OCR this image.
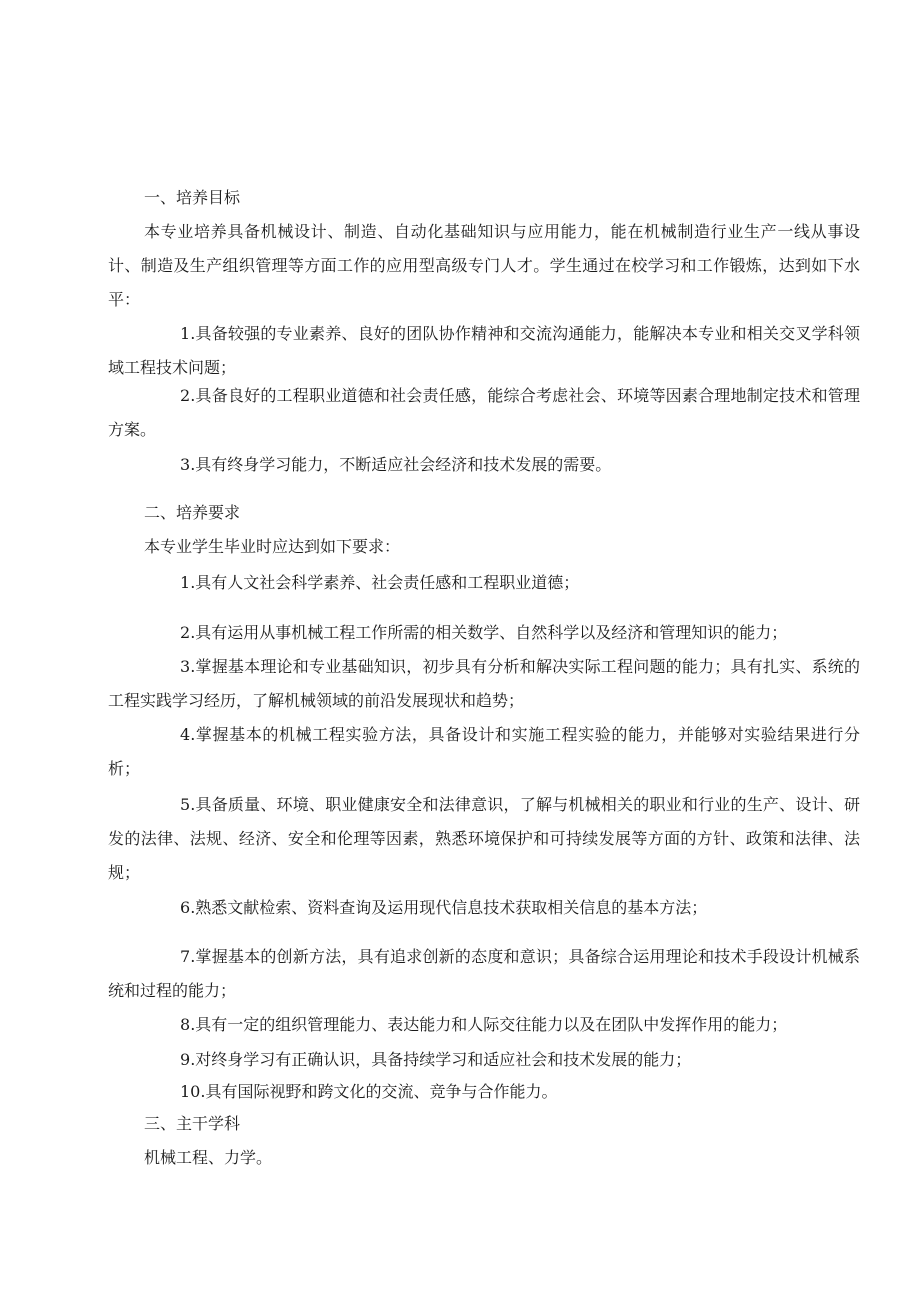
一、培养目标

本专业培养具备机械设计、制造、自动化基础知识与应用能力，能在机械制造行业生产一线从事设计、制造及生产组织管理等方面工作的应用型高级专门人才。学生通过在校学习和工作锻炼，达到如下水平：

1.具备较强的专业素养、良好的团队协作精神和交流沟通能力，能解决本专业和相关交叉学科领域工程技术问题；

2.具备良好的工程职业道德和社会责任感，能综合考虑社会、环境等因素合理地制定技术和管理方案。

3.具有终身学习能力，不断适应社会经济和技术发展的需要。

二、培养要求

本专业学生毕业时应达到如下要求：

1.具有人文社会科学素养、社会责任感和工程职业道德；

2.具有运用从事机械工程工作所需的相关数学、自然科学以及经济和管理知识的能力；

3.掌握基本理论和专业基础知识，初步具有分析和解决实际工程问题的能力；具有扎实、系统的工程实践学习经历，了解机械领域的前沿发展现状和趋势；

4.掌握基本的机械工程实验方法，具备设计和实施工程实验的能力，并能够对实验结果进行分析；

5.具备质量、环境、职业健康安全和法律意识，了解与机械相关的职业和行业的生产、设计、研发的法律、法规、经济、安全和伦理等因素，熟悉环境保护和可持续发展等方面的方针、政策和法律、法规；

6.熟悉文献检索、资料查询及运用现代信息技术获取相关信息的基本方法；

7.掌握基本的创新方法，具有追求创新的态度和意识；具备综合运用理论和技术手段设计机械系统和过程的能力；

8.具有一定的组织管理能力、表达能力和人际交往能力以及在团队中发挥作用的能力；

9.对终身学习有正确认识，具备持续学习和适应社会和技术发展的能力；

10.具有国际视野和跨文化的交流、竞争与合作能力。

三、主干学科

机械工程、力学。
